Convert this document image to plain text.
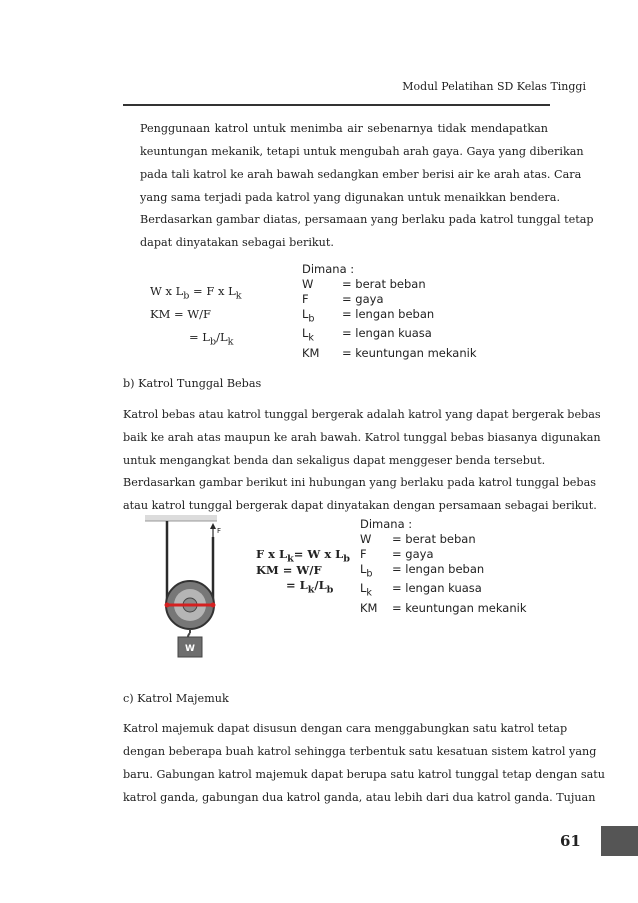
Modul Pelatihan SD Kelas Tinggi
Penggunaan katrol untuk menimba air sebenarnya tidak mendapatkan
keuntungan mekanik, tetapi untuk mengubah arah gaya. Gaya yang diberikan
pada tali katrol ke arah bawah sedangkan ember berisi air ke arah atas. Cara
yang sama terjadi pada katrol yang digunakan untuk menaikkan bendera.
Berdasarkan gambar diatas, persamaan yang berlaku pada katrol tunggal tetap
dapat dinyatakan sebagai berikut.
W x $L_b = F$ x $L_k$
KM = W/F
= $L_b/L_k$
Dimana :
W	= berat beban
F	= gaya
$L_b$	= lengan beban
$L_k$	= lengan kuasa
KM	= keuntungan mekanik
b) Katrol Tunggal Bebas
Katrol bebas atau katrol tunggal bergerak adalah katrol yang dapat bergerak bebas
baik ke arah atas maupun ke arah bawah. Katrol tunggal bebas biasanya digunakan
untuk mengangkat benda dan sekaligus dapat menggeser benda tersebut.
Berdasarkan gambar berikut ini hubungan yang berlaku pada katrol tunggal bebas
atau katrol tunggal bergerak dapat dinyatakan dengan persamaan sebagai berikut.
F
W
F x $L_k= W$ x $L_b$
KM = W/F
= $L_k/L_b$
Dimana :
W	= berat beban
F	= gaya
$L_b$	= lengan beban
$L_k$	= lengan kuasa
KM	= keuntungan mekanik
c) Katrol Majemuk
Katrol majemuk dapat disusun dengan cara menggabungkan satu katrol tetap
dengan beberapa buah katrol sehingga terbentuk satu kesatuan sistem katrol yang
baru. Gabungan katrol majemuk dapat berupa satu katrol tunggal tetap dengan satu
katrol ganda, gabungan dua katrol ganda, atau lebih dari dua katrol ganda. Tujuan
61
